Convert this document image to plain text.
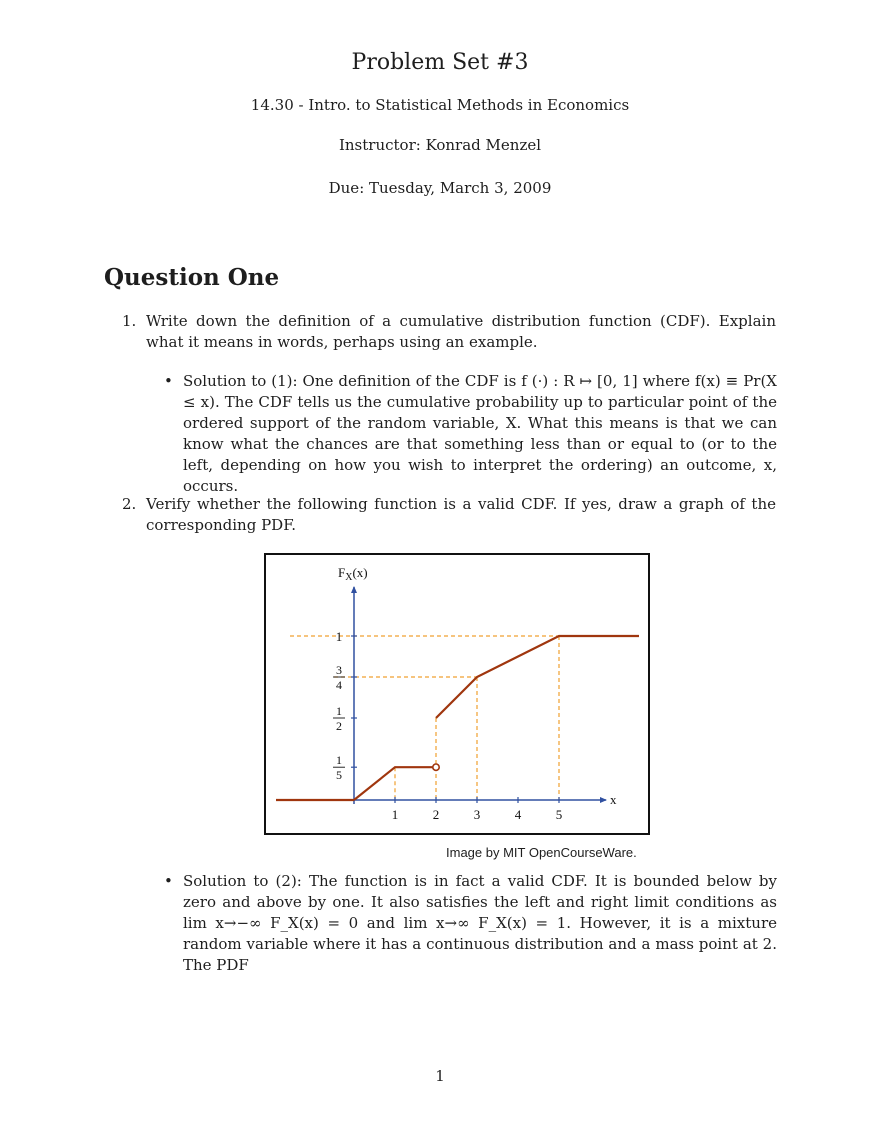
Problem Set #3
14.30 - Intro. to Statistical Methods in Economics
Instructor: Konrad Menzel
Due: Tuesday, March 3, 2009
Question One
1. Write down the definition of a cumulative distribution function (CDF). Explain what it means in words, perhaps using an example.
• Solution to (1): One definition of the CDF is f (·) : R ↦ [0, 1] where f(x) ≡ Pr(X ≤ x). The CDF tells us the cumulative probability up to particular point of the ordered support of the random variable, X. What this means is that we can know what the chances are that something less than or equal to (or to the left, depending on how you wish to interpret the ordering) an outcome, x, occurs.
2. Verify whether the following function is a valid CDF. If yes, draw a graph of the corresponding PDF.
1	2	3	4	5
1
5
1
2
3
4
1
$F_X(x)$
x
Image by MIT OpenCourseWare.
• Solution to (2): The function is in fact a valid CDF. It is bounded below by zero and above by one. It also satisfies the left and right limit conditions as lim x→−∞ F_X(x) = 0 and lim x→∞ F_X(x) = 1. However, it is a mixture random variable where it has a continuous distribution and a mass point at 2. The PDF
1
